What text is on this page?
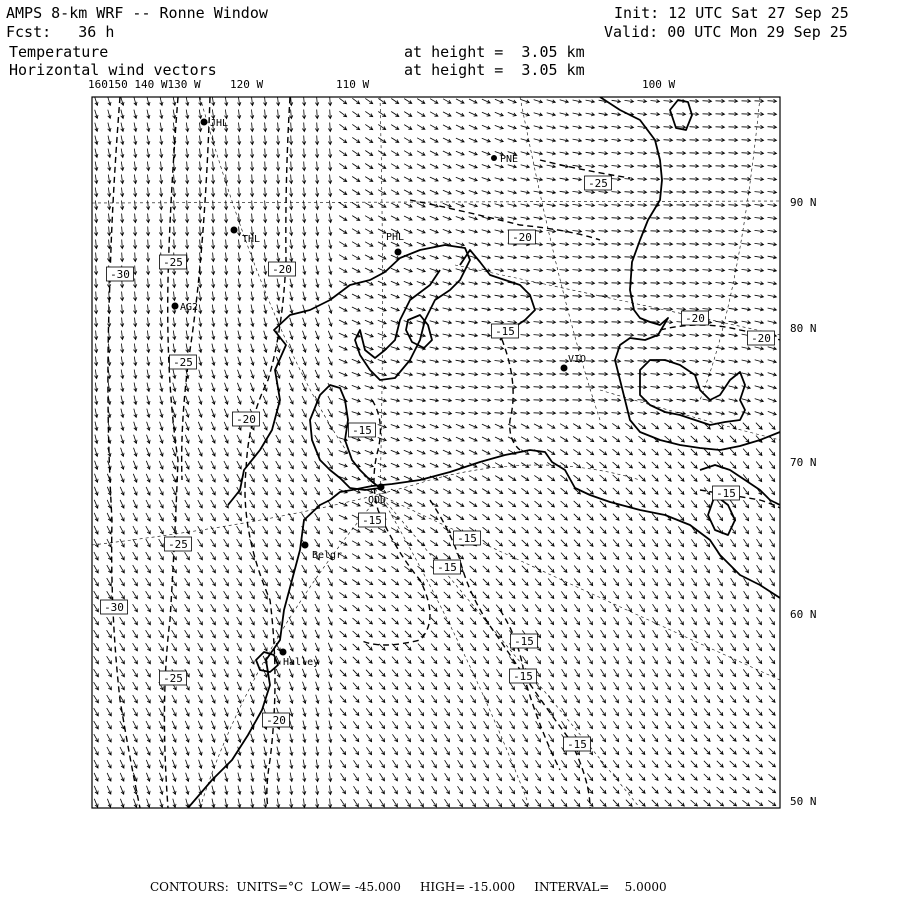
AMPS 8-km WRF -- Ronne Window
Fcst:   36 h
Init: 12 UTC Sat 27 Sep 25
Valid: 00 UTC Mon 29 Sep 25
Temperature
Horizontal wind vectors
at height =  3.05 km
at height =  3.05 km
160150 140 W130 W	120 W	110 W	100 W
90 N
80 N
70 N
60 N
50 N
JHL
PNE
THL	PHL
AG2
VIO
ODD
Belgr
Halley
-25
-30
-20
-25
-20
-20
-25
-15
-20
-20
-15
-15
-15
-25
-15
-30
-15
-15
-25
-20
-15
-15
CONTOURS:  UNITS=°C  LOW= -45.000     HIGH= -15.000     INTERVAL=    5.0000
